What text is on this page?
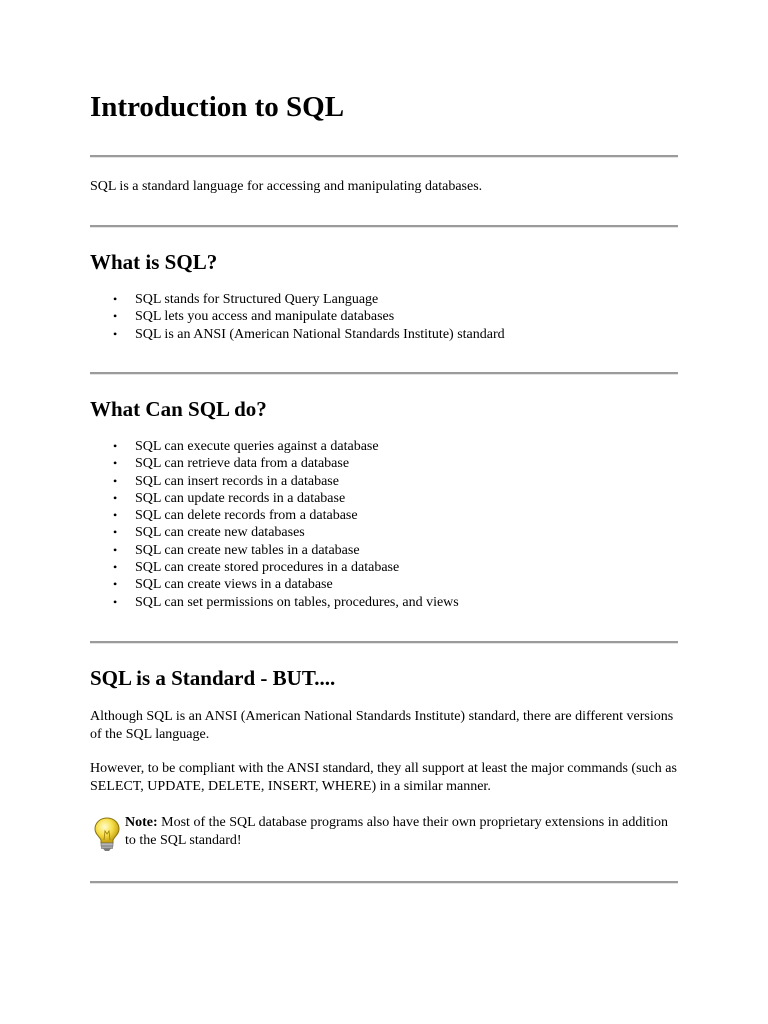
Introduction to SQL

SQL is a standard language for accessing and manipulating databases.

What is SQL?
• SQL stands for Structured Query Language
• SQL lets you access and manipulate databases
• SQL is an ANSI (American National Standards Institute) standard
What Can SQL do?
• SQL can execute queries against a database
• SQL can retrieve data from a database
• SQL can insert records in a database
• SQL can update records in a database
• SQL can delete records from a database
• SQL can create new databases
• SQL can create new tables in a database
• SQL can create stored procedures in a database
• SQL can create views in a database
• SQL can set permissions on tables, procedures, and views
SQL is a Standard - BUT....

Although SQL is an ANSI (American National Standards Institute) standard, there are different versions of the SQL language.

However, to be compliant with the ANSI standard, they all support at least the major commands (such as SELECT, UPDATE, DELETE, INSERT, WHERE) in a similar manner.

Note: Most of the SQL database programs also have their own proprietary extensions in addition to the SQL standard!
